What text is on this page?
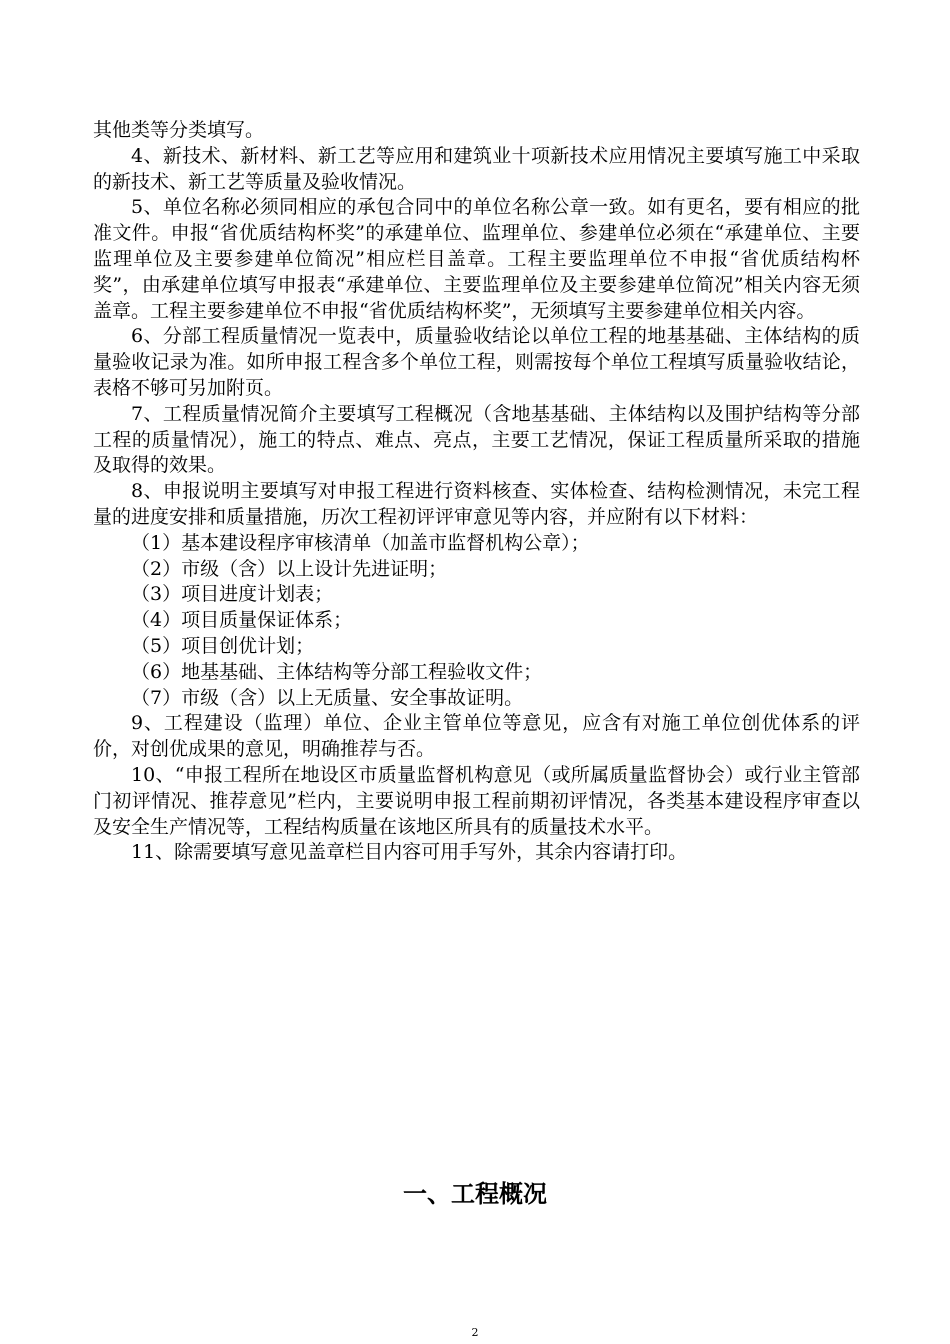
其他类等分类填写。

4、新技术、新材料、新工艺等应用和建筑业十项新技术应用情况主要填写施工中采取的新技术、新工艺等质量及验收情况。

5、单位名称必须同相应的承包合同中的单位名称公章一致。如有更名，要有相应的批准文件。申报“省优质结构杯奖”的承建单位、监理单位、参建单位必须在“承建单位、主要监理单位及主要参建单位简况”相应栏目盖章。工程主要监理单位不申报“省优质结构杯奖”，由承建单位填写申报表“承建单位、主要监理单位及主要参建单位简况”相关内容无须盖章。工程主要参建单位不申报“省优质结构杯奖”，无须填写主要参建单位相关内容。

6、分部工程质量情况一览表中，质量验收结论以单位工程的地基基础、主体结构的质量验收记录为准。如所申报工程含多个单位工程，则需按每个单位工程填写质量验收结论，表格不够可另加附页。

7、工程质量情况简介主要填写工程概况（含地基基础、主体结构以及围护结构等分部工程的质量情况），施工的特点、难点、亮点，主要工艺情况，保证工程质量所采取的措施及取得的效果。

8、申报说明主要填写对申报工程进行资料核查、实体检查、结构检测情况，未完工程量的进度安排和质量措施，历次工程初评评审意见等内容，并应附有以下材料：

（1）基本建设程序审核清单（加盖市监督机构公章）；

（2）市级（含）以上设计先进证明；

（3）项目进度计划表；

（4）项目质量保证体系；

（5）项目创优计划；

（6）地基基础、主体结构等分部工程验收文件；

（7）市级（含）以上无质量、安全事故证明。

9、工程建设（监理）单位、企业主管单位等意见，应含有对施工单位创优体系的评价，对创优成果的意见，明确推荐与否。

10、“申报工程所在地设区市质量监督机构意见（或所属质量监督协会）或行业主管部门初评情况、推荐意见”栏内，主要说明申报工程前期初评情况，各类基本建设程序审查以及安全生产情况等，工程结构质量在该地区所具有的质量技术水平。

11、除需要填写意见盖章栏目内容可用手写外，其余内容请打印。

一、工程概况
2
